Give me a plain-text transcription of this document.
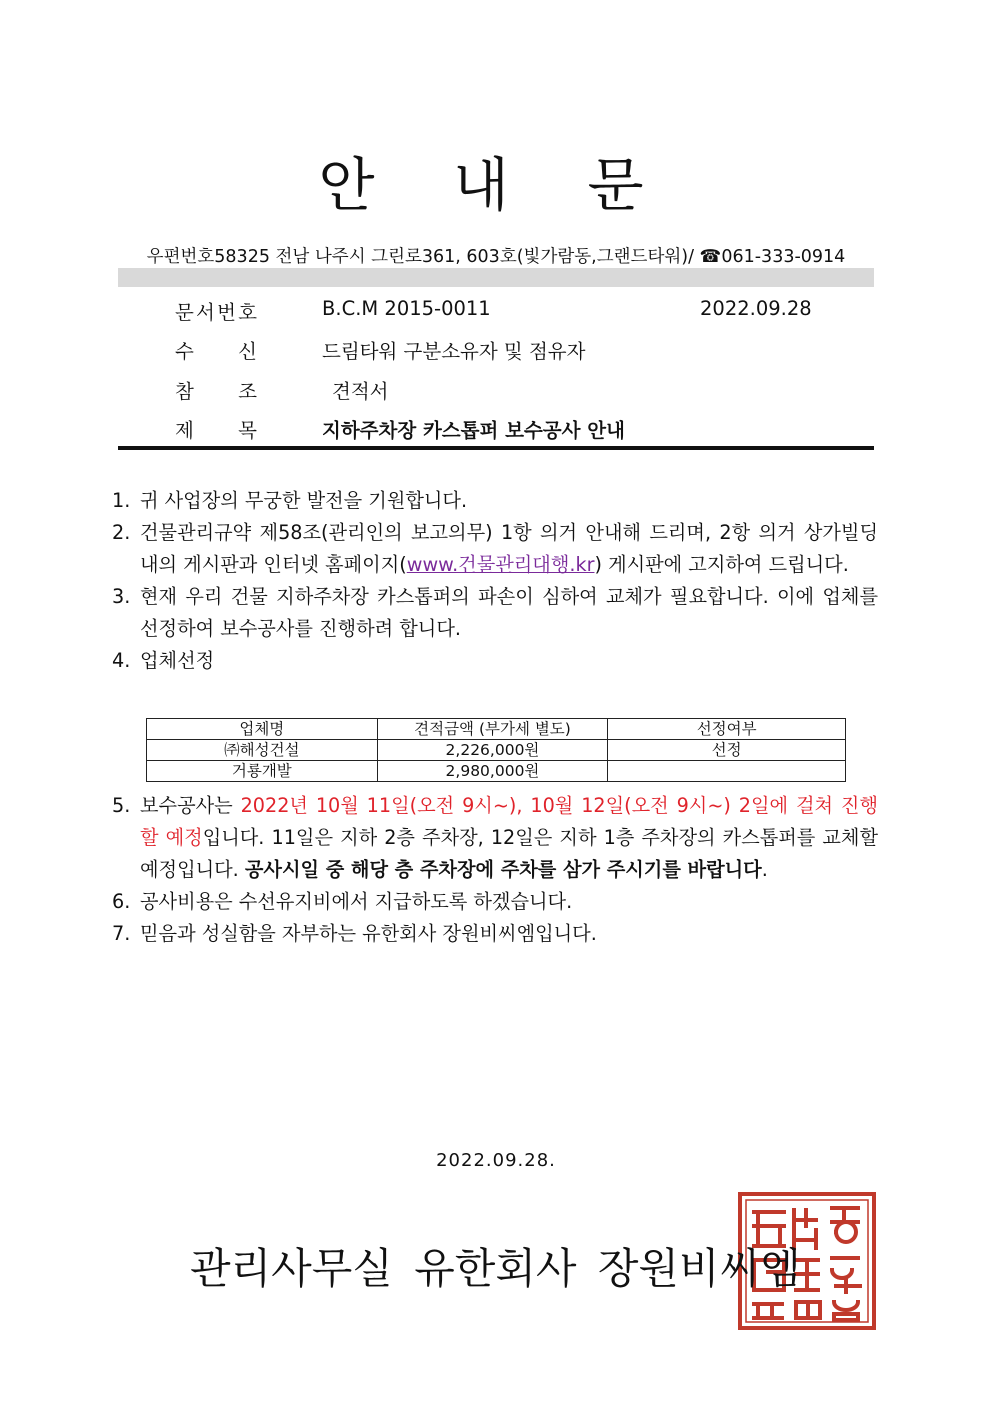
안 내 문
우편번호58325 전남 나주시 그린로361, 603호(빛가람동,그랜드타워)/ ☎061-333-0914
문 서 번 호	B.C.M 2015-0011	2022.09.28
수 신	드림타워 구분소유자 및 점유자
참 조	견적서
제 목	지하주차장 카스톱퍼 보수공사 안내
1. 귀 사업장의 무궁한 발전을 기원합니다.
2. 건물관리규약 제58조(관리인의 보고의무) 1항 의거 안내해 드리며, 2항 의거 상가빌딩 내의 게시판과 인터넷 홈페이지(www.건물관리대행.kr) 게시판에 고지하여 드립니다.
3. 현재 우리 건물 지하주차장 카스톱퍼의 파손이 심하여 교체가 필요합니다. 이에 업체를 선정하여 보수공사를 진행하려 합니다.
4. 업체선정
업체명	견적금액 (부가세 별도)	선정여부
㈜해성건설	2,226,000원	선정
거룡개발	2,980,000원	
5. 보수공사는 2022년 10월 11일(오전 9시~), 10월 12일(오전 9시~) 2일에 걸쳐 진행할 예정입니다. 11일은 지하 2층 주차장, 12일은 지하 1층 주차장의 카스톱퍼를 교체할 예정입니다. 공사시일 중 해당 층 주차장에 주차를 삼가 주시기를 바랍니다.
6. 공사비용은 수선유지비에서 지급하도록 하겠습니다.
7. 믿음과 성실함을 자부하는 유한회사 장원비씨엠입니다.
2022.09.28.
관리사무실 유한회사 장원비씨엠
